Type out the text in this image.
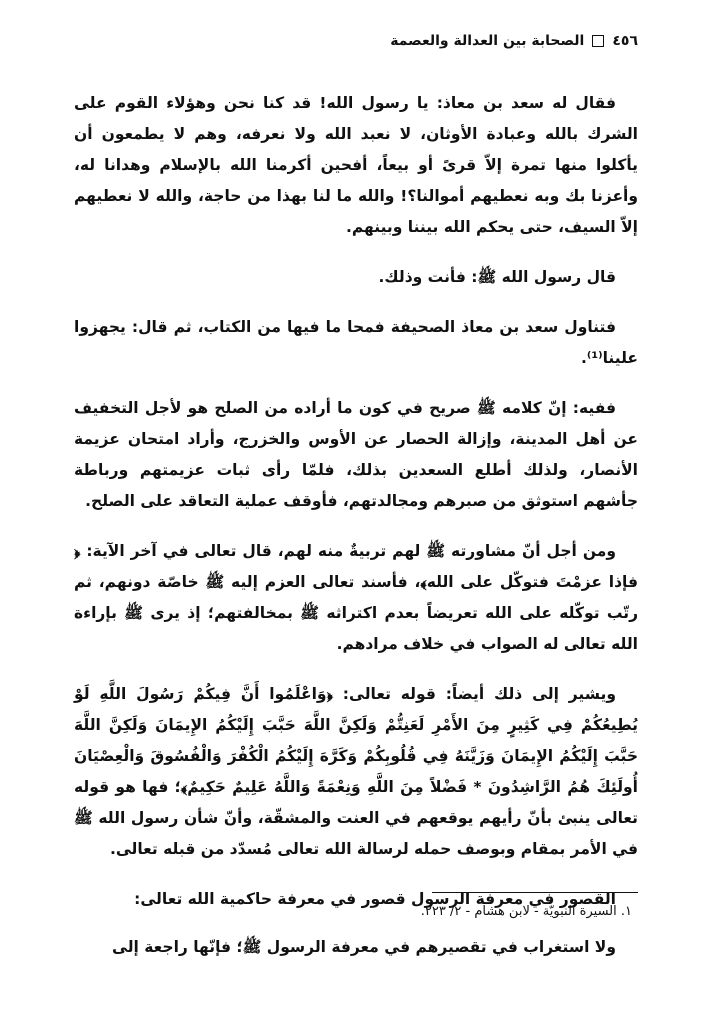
٤٥٦
الصحابة بين العدالة والعصمة

فقال له سعد بن معاذ: يا رسول الله! قد كنا نحن وهؤلاء القوم على الشرك بالله وعبادة الأوثان، لا نعبد الله ولا نعرفه، وهم لا يطمعون أن يأكلوا منها تمرة إلاّ قرىً أو بيعاً، أفحين أكرمنا الله بالإسلام وهدانا له، وأعزنا بك وبه نعطيهم أموالنا؟! والله ما لنا بهذا من حاجة، والله لا نعطيهم إلاّ السيف، حتى يحكم الله بيننا وبينهم.

قال رسول الله ﷺ: فأنت وذلك.

فتناول سعد بن معاذ الصحيفة فمحا ما فيها من الكتاب، ثم قال: يجهزوا علينا⁽¹⁾.

ففيه: إنّ كلامه ﷺ صريح في كون ما أراده من الصلح هو لأجل التخفيف عن أهل المدينة، وإزالة الحصار عن الأوس والخزرج، وأراد امتحان عزيمة الأنصار، ولذلك أطلع السعدين بذلك، فلمّا رأى ثبات عزيمتهم ورباطة جأشهم استوثق من صبرهم ومجالدتهم، فأوقف عملية التعاقد على الصلح.

ومن أجل أنّ مشاورته ﷺ لهم تربيةٌ منه لهم، قال تعالى في آخر الآية: ﴿ فإذا عزمْتَ فتوكّل على الله﴾، فأسند تعالى العزم إليه ﷺ خاصّة دونهم، ثم رتّب توكّله على الله تعريضاً بعدم اكتراثه ﷺ بمخالفتهم؛ إذ يرى ﷺ بإراءة الله تعالى له الصواب في خلاف مرادهم.

ويشير إلى ذلك أيضاً: قوله تعالى: ﴿وَاعْلَمُوا أَنَّ فِيكُمْ رَسُولَ اللَّهِ لَوْ يُطِيعُكُمْ فِي كَثِيرٍ مِنَ الأَمْرِ لَعَنِتُّمْ وَلَكِنَّ اللَّهَ حَبَّبَ إِلَيْكُمُ الإِيمَانَ وَلَكِنَّ اللَّهَ حَبَّبَ إِلَيْكُمُ الإِيمَانَ وَزَيَّنَهُ فِي قُلُوبِكُمْ وَكَرَّهَ إِلَيْكُمُ الْكُفْرَ وَالْفُسُوقَ وَالْعِصْيَانَ أُولَئِكَ هُمُ الرَّاشِدُونَ * فَضْلاً مِنَ اللَّهِ وَنِعْمَةً وَاللَّهُ عَلِيمٌ حَكِيمٌ﴾؛ فها هو قوله تعالى ينبئ بأنّ رأيهم يوقعهم في العنت والمشقّة، وأنّ شأن رسول الله ﷺ في الأمر بمقام وبوصف حمله لرسالة الله تعالى مُسدّد من قبله تعالى.

القصور في معرفة الرسول قصور في معرفة حاكمية الله تعالى:

ولا استغراب في تقصيرهم في معرفة الرسول ﷺ؛ فإنّها راجعة إلى

١. السيرة النبويّة - لابن هشام - ٢/ ٢٢٣.
